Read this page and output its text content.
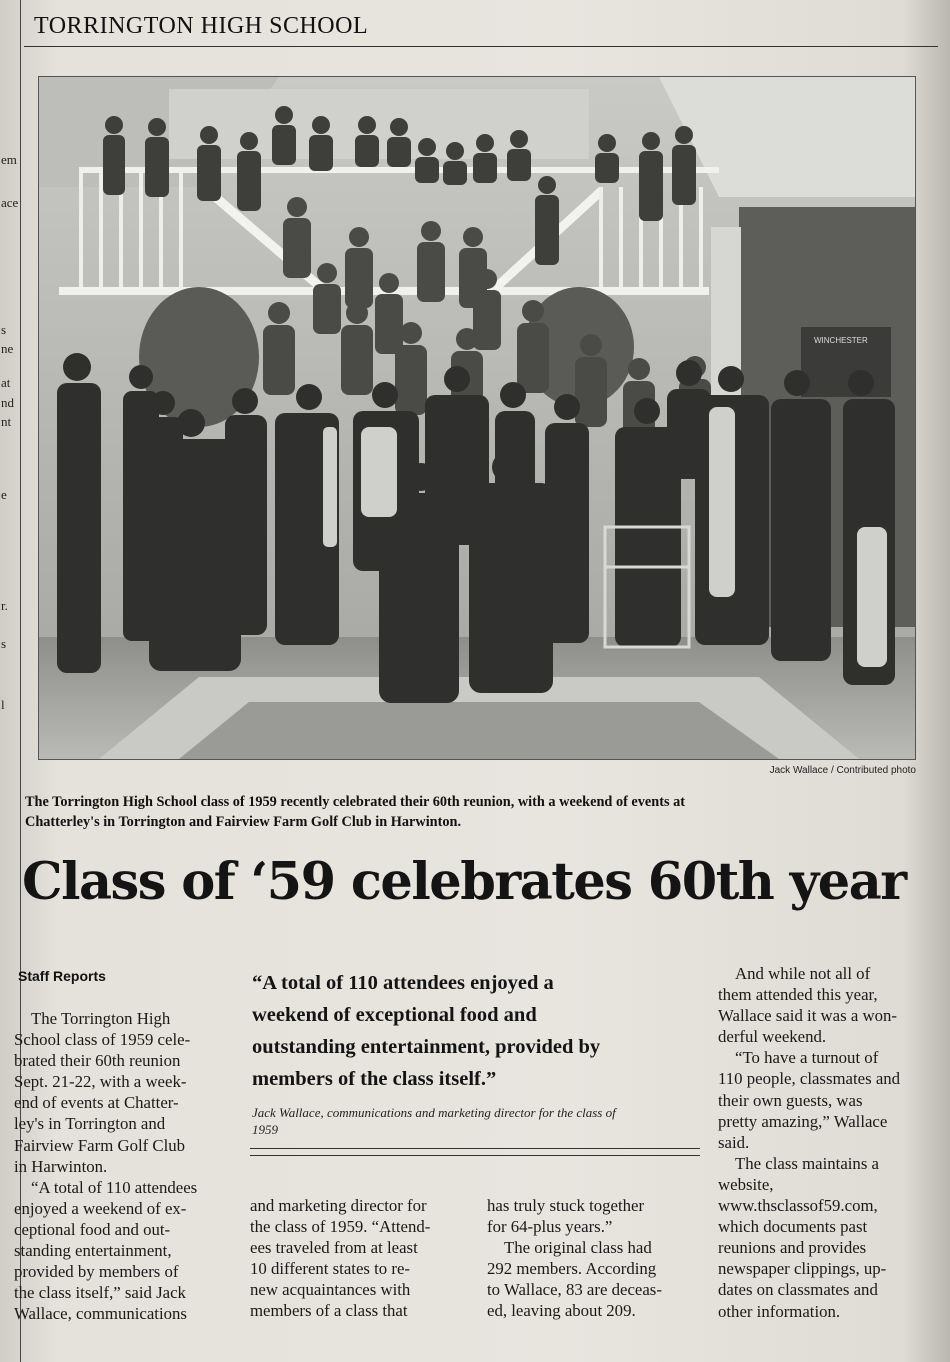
em
ace
s
ne
at
nd
nt
e
r.
s
l
TORRINGTON HIGH SCHOOL
WINCHESTER
Jack Wallace / Contributed photo
The Torrington High School class of 1959 recently celebrated their 60th reunion, with a weekend of events at
Chatterley's in Torrington and Fairview Farm Golf Club in Harwinton.
Class of ‘59 celebrates 60th year
Staff Reports
The Torrington High
School class of 1959 cele-
brated their 60th reunion
Sept. 21-22, with a week-
end of events at Chatter-
ley's in Torrington and
Fairview Farm Golf Club
in Harwinton.
“A total of 110 attendees
enjoyed a weekend of ex-
ceptional food and out-
standing entertainment,
provided by members of
the class itself,” said Jack
Wallace, communications
“A total of 110 attendees enjoyed a
weekend of exceptional food and
outstanding entertainment, provided by
members of the class itself.”
Jack Wallace, communications and marketing director for the class of
1959
and marketing director for
the class of 1959. “Attend-
ees traveled from at least
10 different states to re-
new acquaintances with
members of a class that
has truly stuck together
for 64-plus years.”
The original class had
292 members. According
to Wallace, 83 are deceas-
ed, leaving about 209.
And while not all of
them attended this year,
Wallace said it was a won-
derful weekend.
“To have a turnout of
110 people, classmates and
their own guests, was
pretty amazing,” Wallace
said.
The class maintains a
website,
www.thsclassof59.com,
which documents past
reunions and provides
newspaper clippings, up-
dates on classmates and
other information.
